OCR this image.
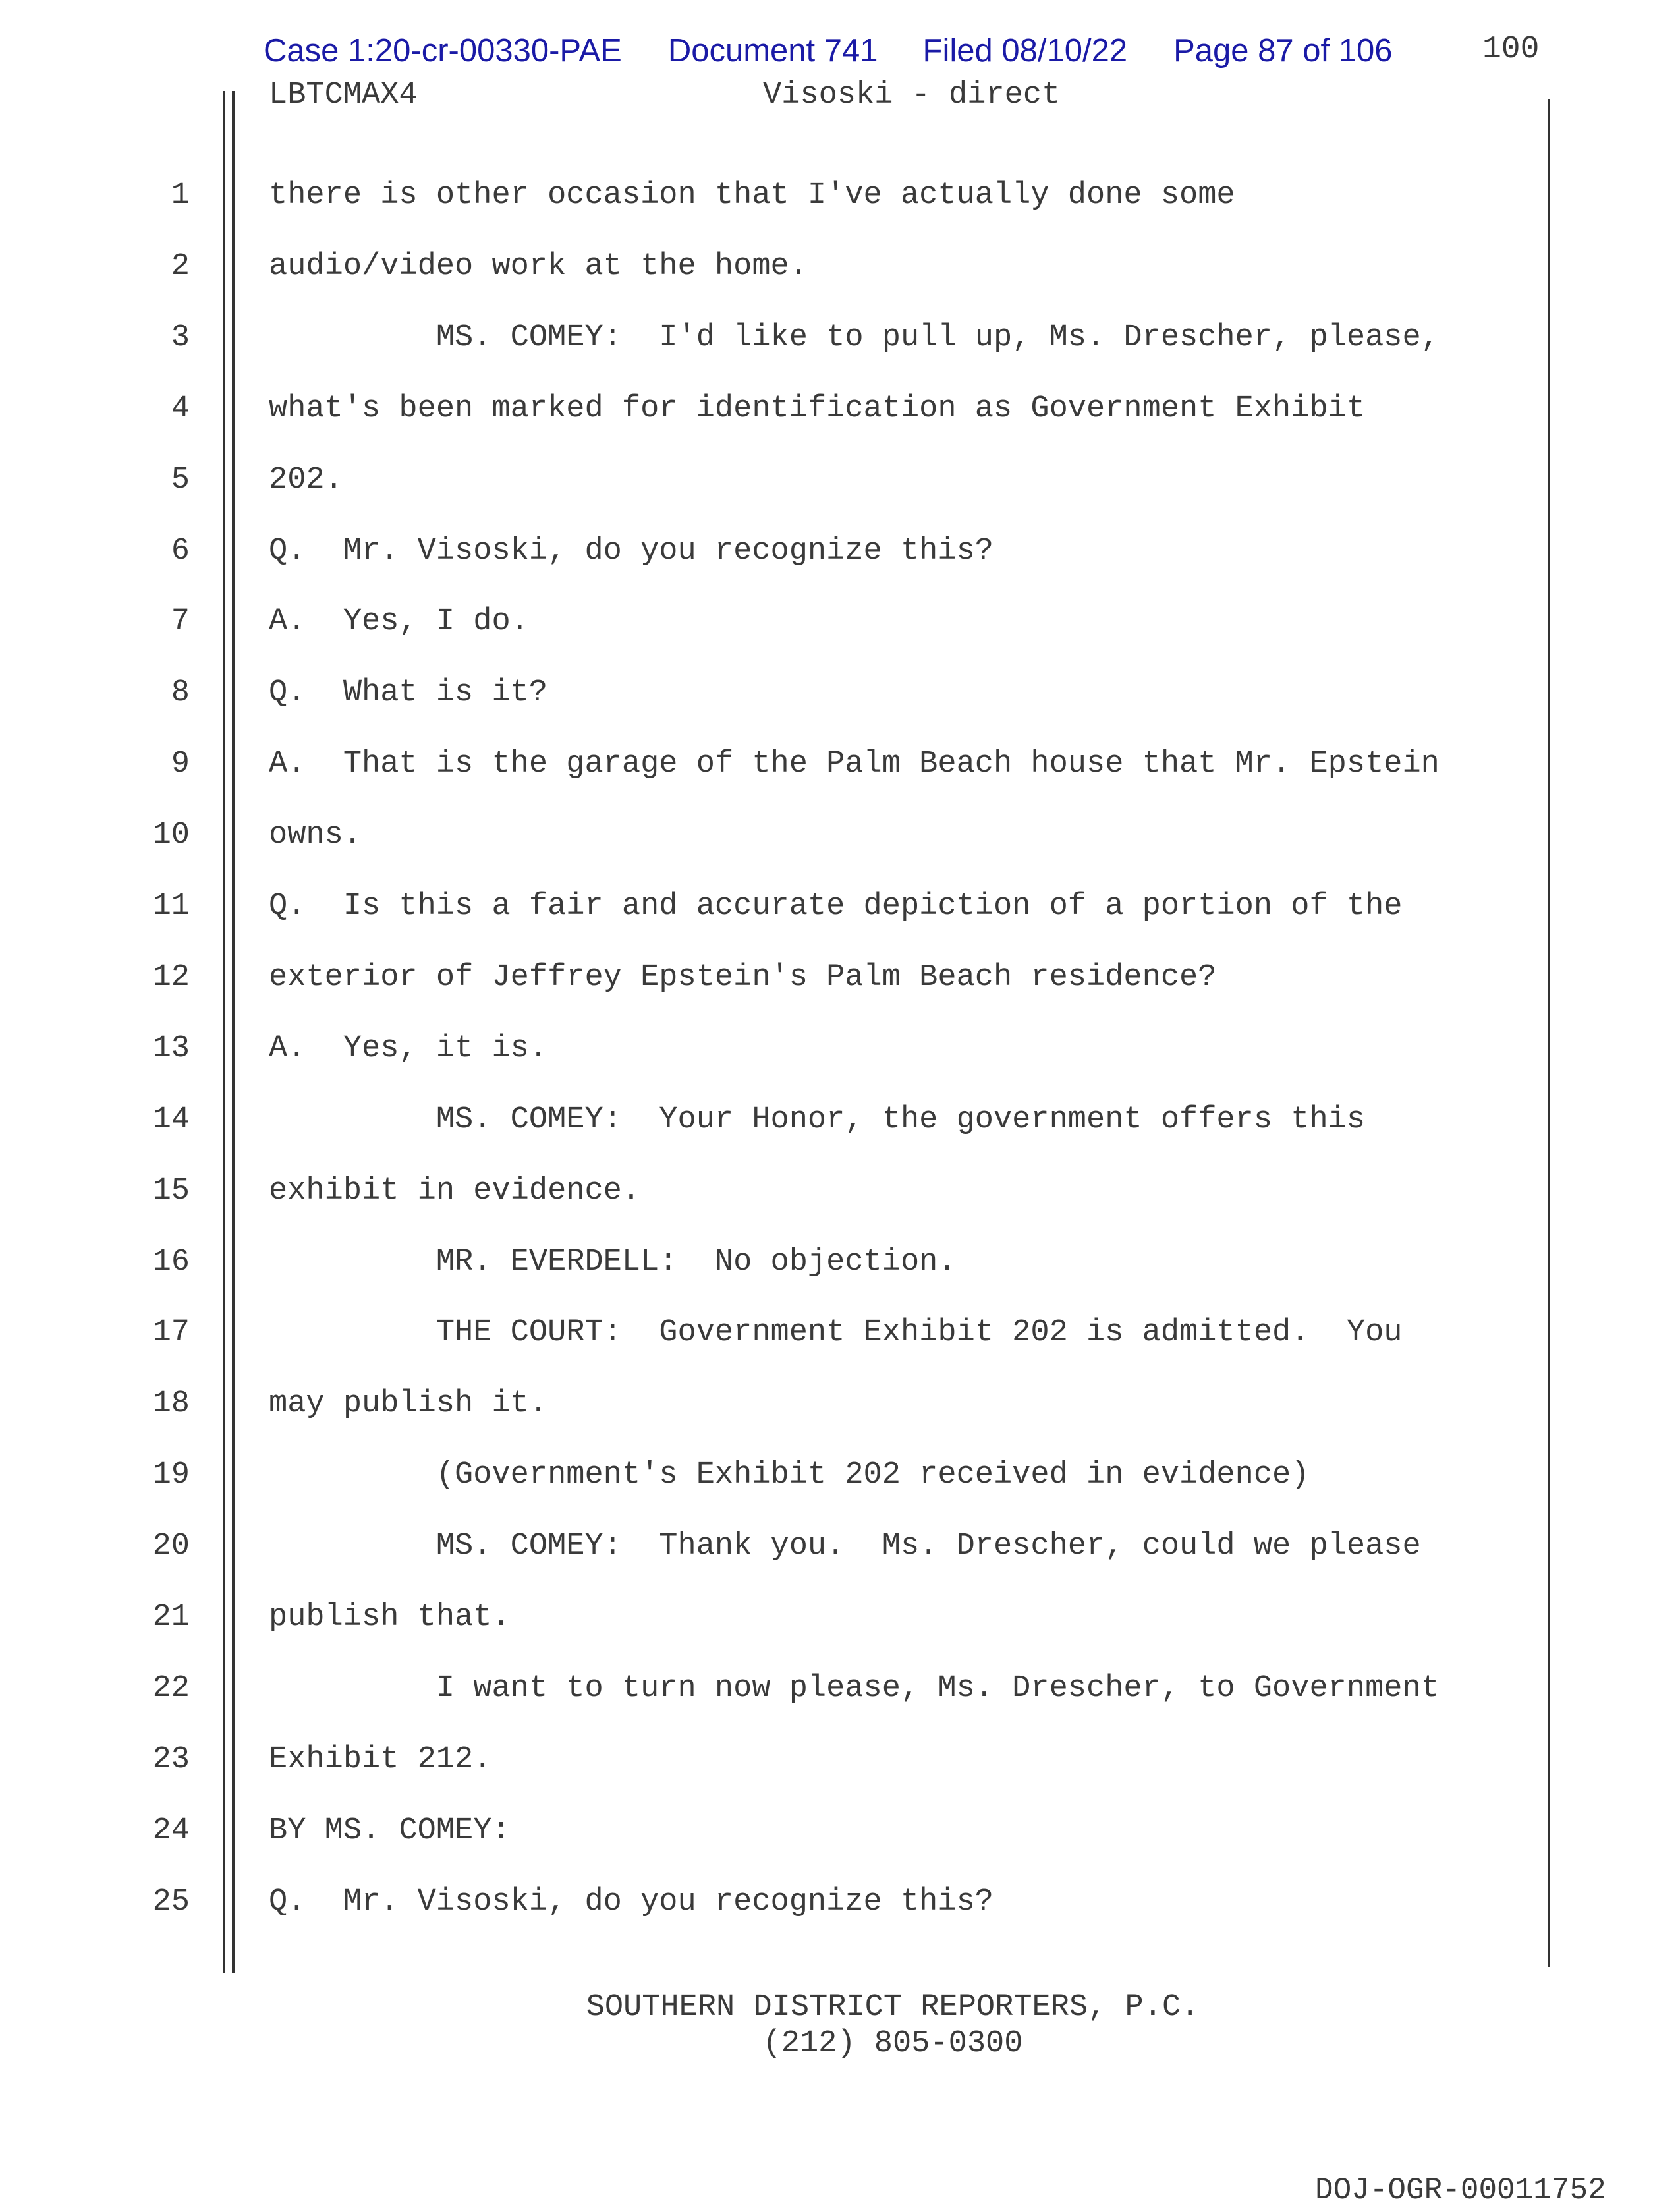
Case 1:20-cr-00330-PAE Document 741 Filed 08/10/22 Page 87 of 106	100
LBTCMAX4	Visoski - direct
1	there is other occasion that I've actually done some
2	audio/video work at the home.
3	MS. COMEY:  I'd like to pull up, Ms. Drescher, please,
4	what's been marked for identification as Government Exhibit
5	202.
6	Q.  Mr. Visoski, do you recognize this?
7	A.  Yes, I do.
8	Q.  What is it?
9	A.  That is the garage of the Palm Beach house that Mr. Epstein
10	owns.
11	Q.  Is this a fair and accurate depiction of a portion of the
12	exterior of Jeffrey Epstein's Palm Beach residence?
13	A.  Yes, it is.
14	MS. COMEY:  Your Honor, the government offers this
15	exhibit in evidence.
16	MR. EVERDELL:  No objection.
17	THE COURT:  Government Exhibit 202 is admitted.  You
18	may publish it.
19	(Government's Exhibit 202 received in evidence)
20	MS. COMEY:  Thank you.  Ms. Drescher, could we please
21	publish that.
22	I want to turn now please, Ms. Drescher, to Government
23	Exhibit 212.
24	BY MS. COMEY:
25	Q.  Mr. Visoski, do you recognize this?
SOUTHERN DISTRICT REPORTERS, P.C.
(212) 805-0300
DOJ-OGR-00011752
